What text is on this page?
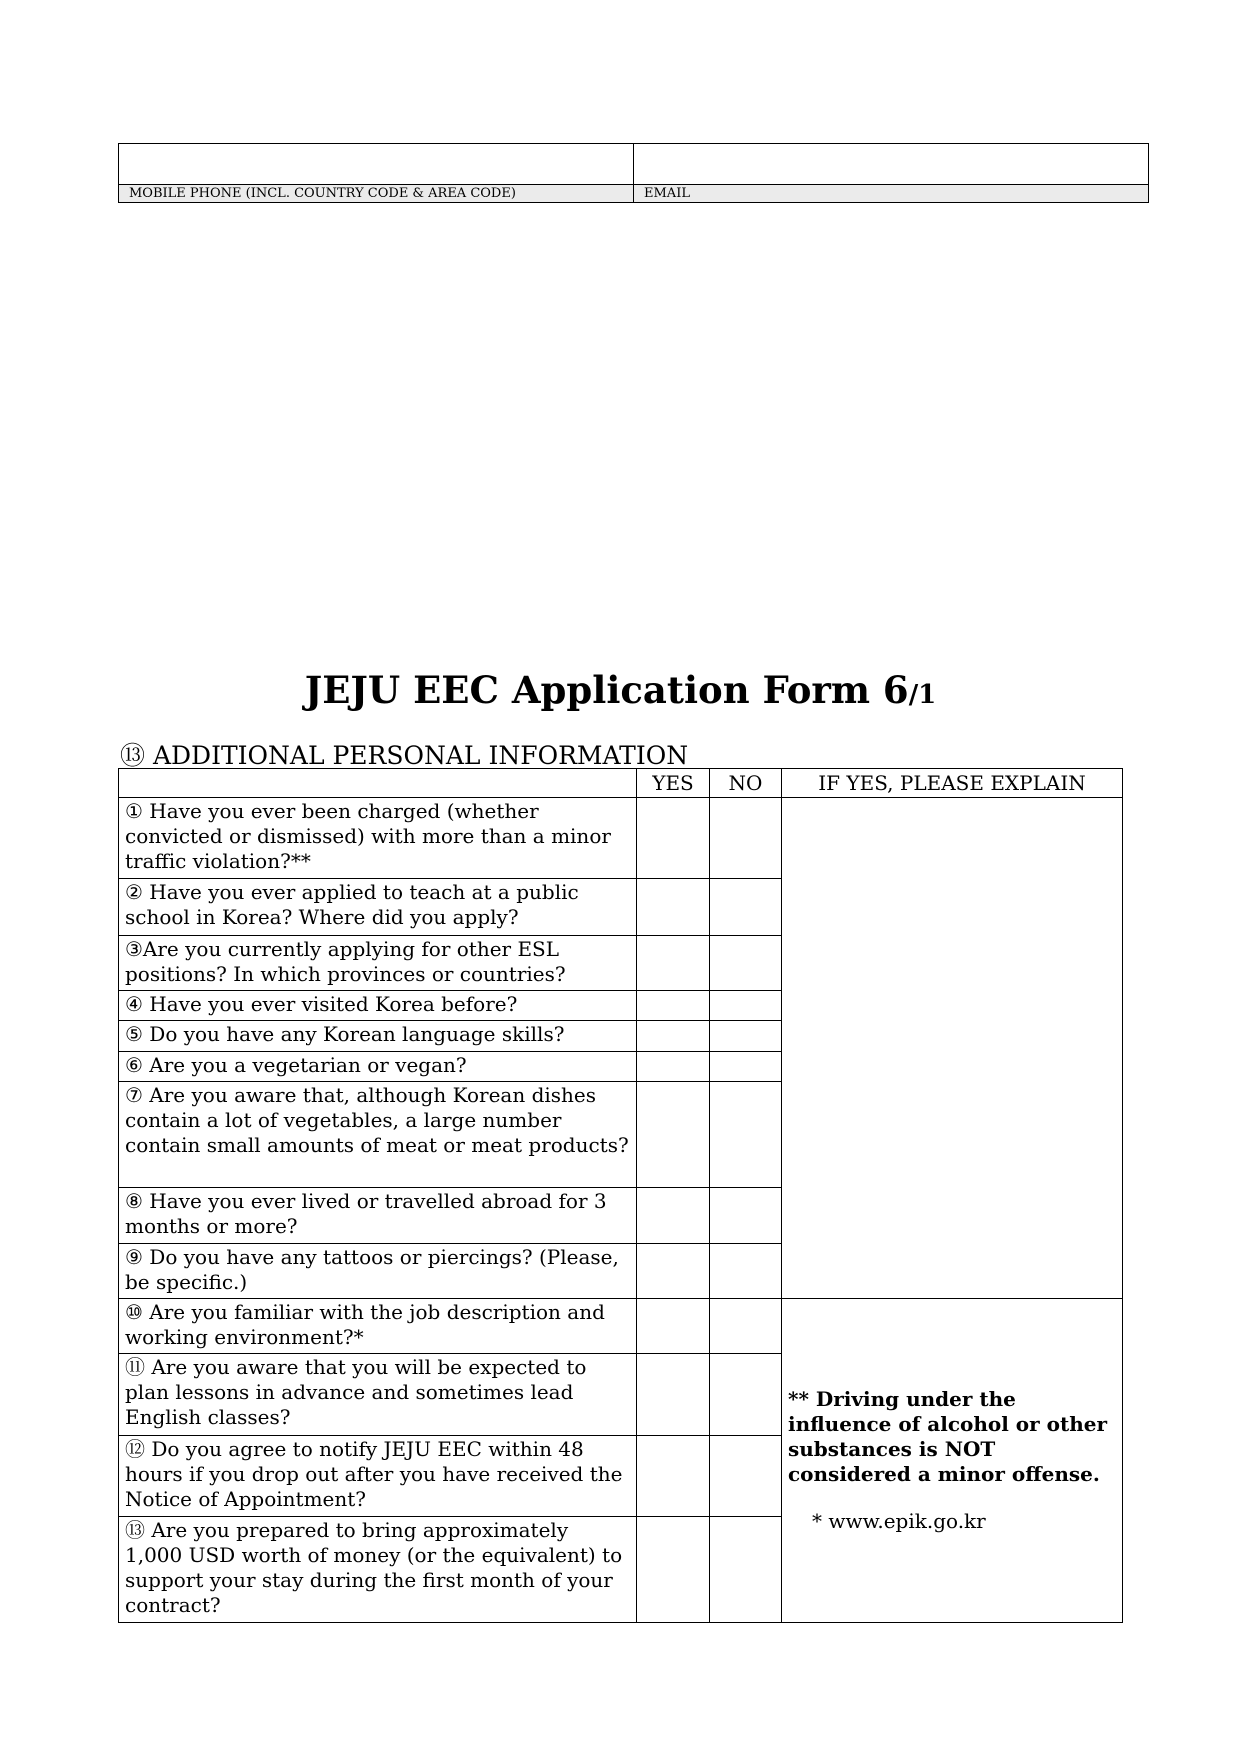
MOBILE PHONE (INCL. COUNTRY CODE & AREA CODE)	EMAIL
JEJU EEC Application Form 6/1
⑬ ADDITIONAL PERSONAL INFORMATION
	YES	NO	IF YES, PLEASE EXPLAIN
① Have you ever been charged (whether convicted or dismissed) with more than a minor traffic violation?**			
② Have you ever applied to teach at a public school in Korea? Where did you apply?			
③Are you currently applying for other ESL positions? In which provinces or countries?			
④ Have you ever visited Korea before?			
⑤ Do you have any Korean language skills?			
⑥ Are you a vegetarian or vegan?			
⑦ Are you aware that, although Korean dishes contain a lot of vegetables, a large number contain small amounts of meat or meat products?			
⑧ Have you ever lived or travelled abroad for 3 months or more?			
⑨ Do you have any tattoos or piercings? (Please, be specific.)			
⑩ Are you familiar with the job description and working environment?*			** Driving under the influence of alcohol or other substances is NOT considered a minor offense.
* www.epik.go.kr

⑪ Are you aware that you will be expected to plan lessons in advance and sometimes lead English classes?			
⑫ Do you agree to notify JEJU EEC within 48 hours if you drop out after you have received the Notice of Appointment?			
⑬ Are you prepared to bring approximately 1,000 USD worth of money (or the equivalent) to support your stay during the first month of your contract?			
